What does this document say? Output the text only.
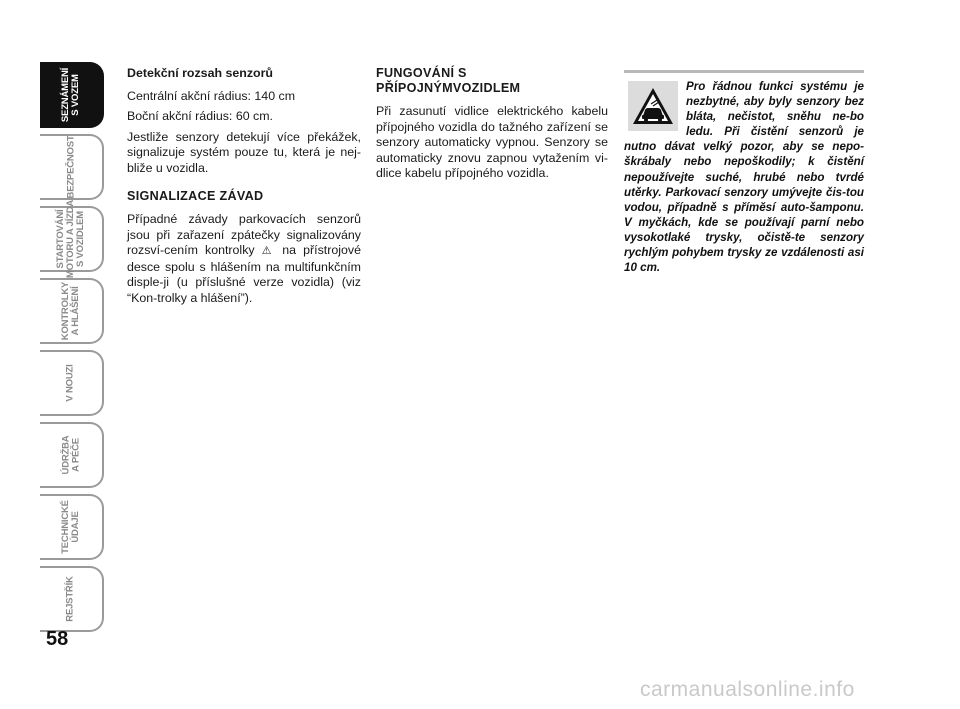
SEZNÁMENÍ
S VOZEM
BEZPEČNOST
STARTOVÁNÍ
MOTORU A JÍZDA
S VOZIDLEM
KONTROLKY
A HLÁŠENÍ
V NOUZI
ÚDRŽBA
A PÉČE
TECHNICKÉ
ÚDAJE
REJSTŘÍK
58
Detekční rozsah senzorů

Centrální akční rádius: 140 cm

Boční akční rádius: 60 cm.

Jestliže senzory detekují více překážek, signalizuje systém pouze tu, která je nej-bliže u vozidla.

SIGNALIZACE ZÁVAD

Případné závady parkovacích senzorů jsou při zařazení zpátečky signalizovány rozsví-cením kontrolky ⚠ na přístrojové desce spolu s hlášením na multifunkčním disple-ji (u příslušné verze vozidla) (viz “Kon-trolky a hlášení”).

FUNGOVÁNÍ S PŘÍPOJNÝMVOZIDLEM

Při zasunutí vidlice elektrického kabelu přípojného vozidla do tažného zařízení se senzory automaticky vypnou. Senzory se automaticky znovu zapnou vytažením vi-dlice kabelu přípojného vozidla.

Pro řádnou funkci systému je nezbytné, aby byly senzory bez bláta, nečistot, sněhu ne-bo ledu. Při čistění senzorů je nutno dávat velký pozor, aby se nepo-škrábaly nebo nepoškodily; k čistění nepoužívejte suché, hrubé nebo tvrdé utěrky. Parkovací senzory umývejte čis-tou vodou, případně s přímĕsí auto-šamponu. V myčkách, kde se používají parní nebo vysokotlaké trysky, očistě-te senzory rychlým pohybem trysky ze vzdálenosti asi 10 cm.
carmanualsonline.info
